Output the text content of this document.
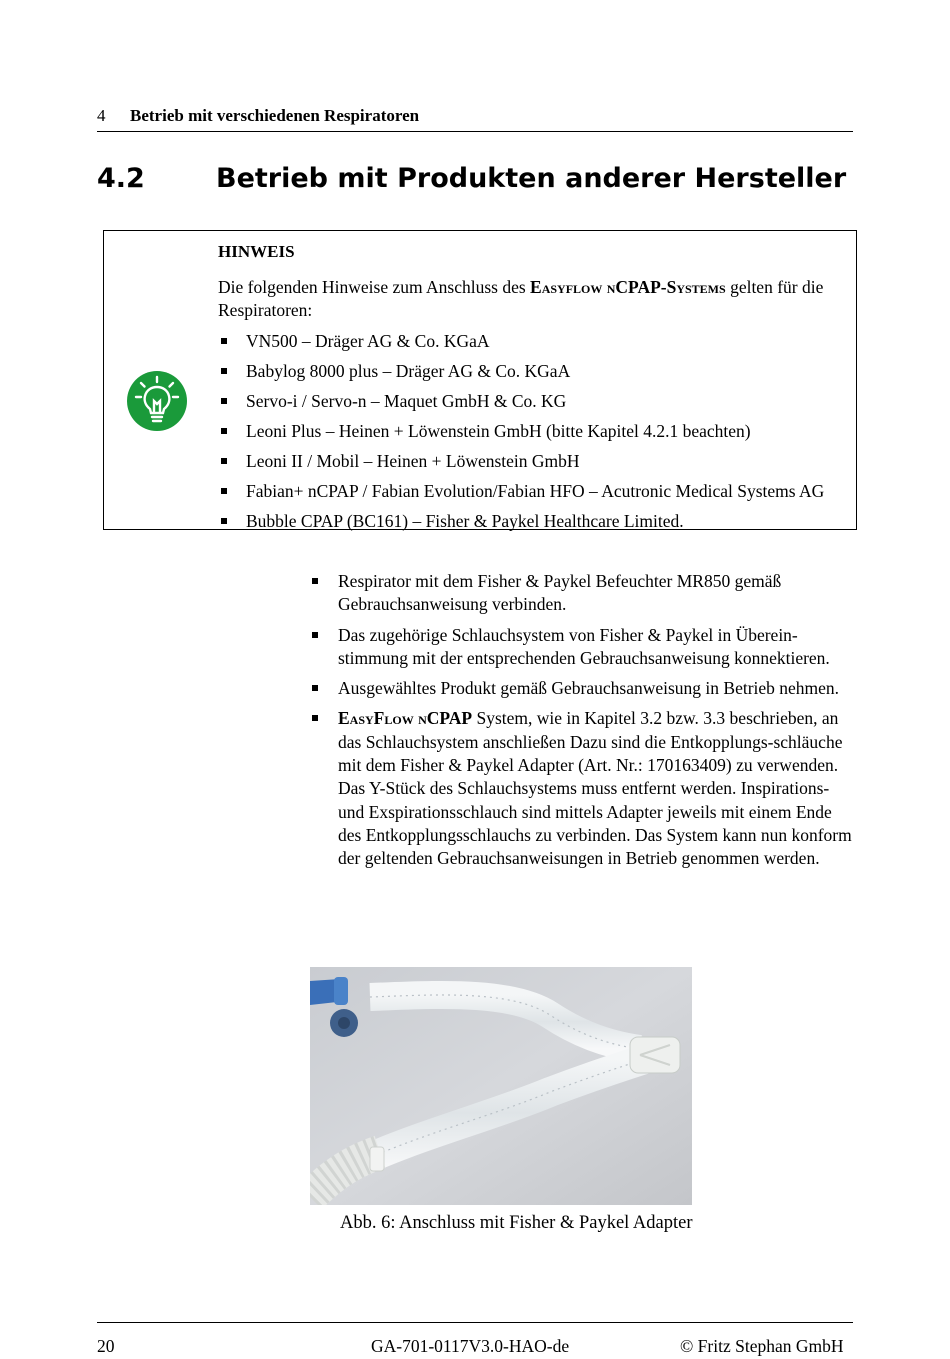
4 Betrieb mit verschiedenen Respiratoren
4.2	Betrieb mit Produkten anderer Hersteller
HINWEIS
Die folgenden Hinweise zum Anschluss des Easyflow nCPAP-Systems gelten für die Respiratoren:
VN500 – Dräger AG & Co. KGaA
Babylog 8000 plus – Dräger AG & Co. KGaA
Servo-i / Servo-n – Maquet GmbH & Co. KG
Leoni Plus – Heinen + Löwenstein GmbH (bitte Kapitel 4.2.1 beachten)
Leoni II / Mobil – Heinen + Löwenstein GmbH
Fabian+ nCPAP / Fabian Evolution/Fabian HFO – Acutronic Medical Systems AG
Bubble CPAP (BC161) – Fisher & Paykel Healthcare Limited.
Respirator mit dem Fisher & Paykel Befeuchter MR850 gemäß Gebrauchsanweisung verbinden.
Das zugehörige Schlauchsystem von Fisher & Paykel in Überein-stimmung mit der entsprechenden Gebrauchsanweisung konnektieren.
Ausgewähltes Produkt gemäß Gebrauchsanweisung in Betrieb nehmen.
EasyFlow nCPAP System, wie in Kapitel 3.2 bzw. 3.3 beschrieben, an das Schlauchsystem anschließen Dazu sind die Entkopplungs-schläuche mit dem Fisher & Paykel Adapter (Art. Nr.: 170163409) zu verwenden. Das Y-Stück des Schlauchsystems muss entfernt werden. Inspirations- und Exspirationsschlauch sind mittels Adapter jeweils mit einem Ende des Entkopplungsschlauchs zu verbinden. Das System kann nun konform der geltenden Gebrauchsanweisungen in Betrieb genommen werden.
Abb. 6: Anschluss mit Fisher & Paykel Adapter
20	GA-701-0117V3.0-HAO-de	© Fritz Stephan GmbH
